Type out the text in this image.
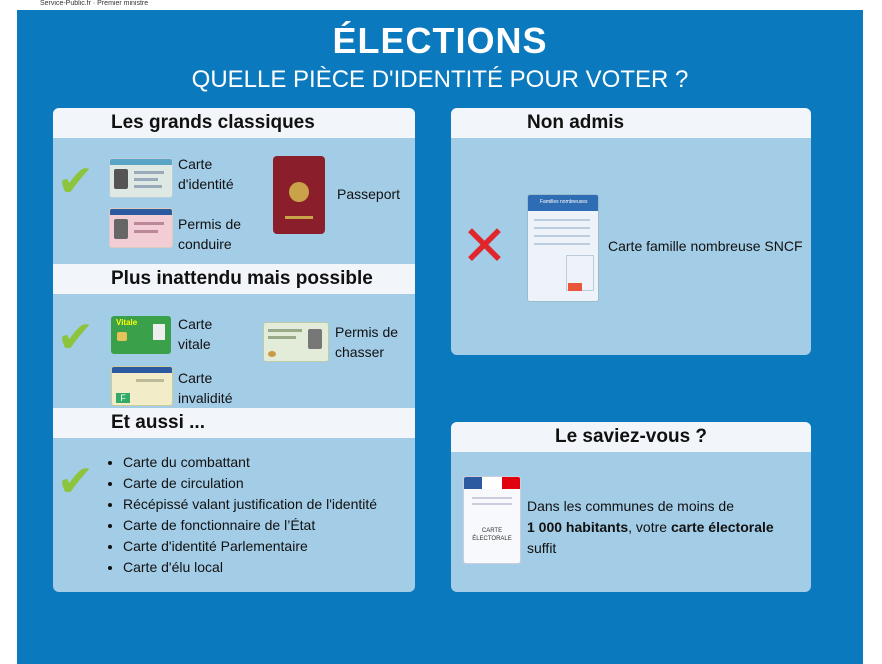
Service-Public.fr · Premier ministre
ÉLECTIONS
QUELLE PIÈCE D'IDENTITÉ POUR VOTER ?
Les grands classiques
✔	Carte
d'identité
Passeport
Permis de
conduire
Plus inattendu mais possible
✔	Vitale	Carte
vitale
Permis de
chasser
F
Carte
invalidité
Et aussi ...
✔
• Carte du combattant
• Carte de circulation
• Récépissé valant justification de l'identité
• Carte de fonctionnaire de l’État
• Carte d'identité Parlementaire
• Carte d'élu local
Non admis
✕
Familles nombreuses
Carte famille nombreuse SNCF
Le saviez-vous ?
CARTE
ÉLECTORALE
Dans les communes de moins de
1 000 habitants, votre carte électorale
suffit
